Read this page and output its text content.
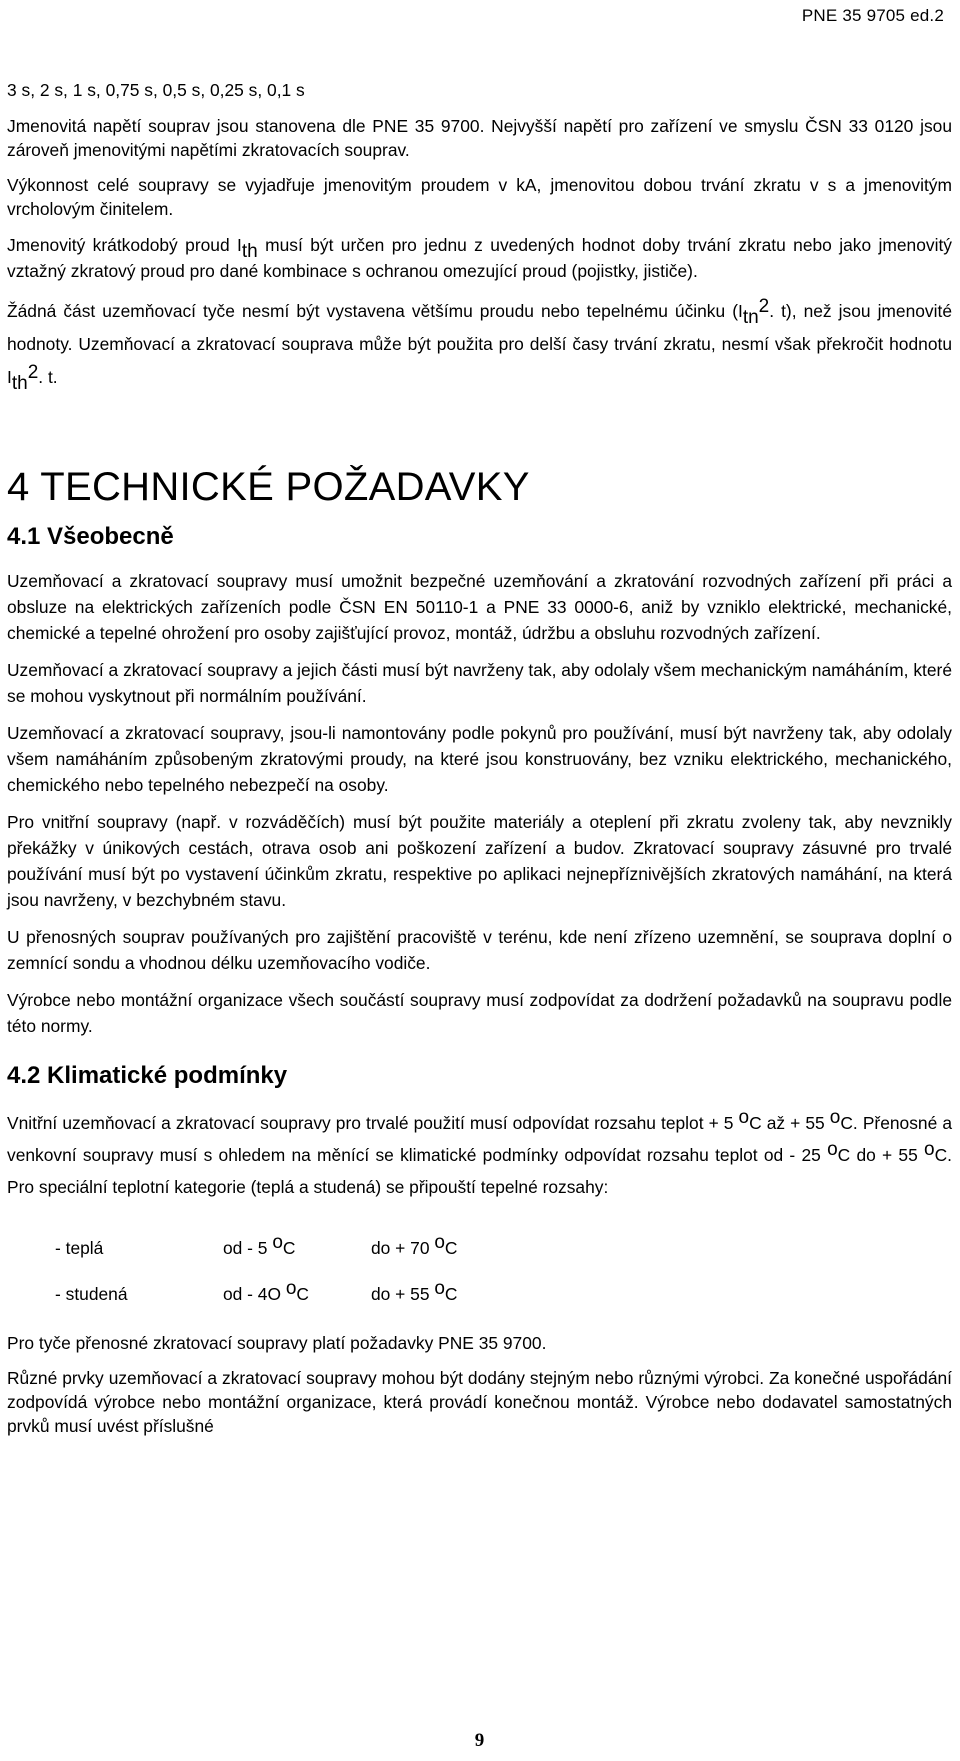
PNE 35 9705 ed.2

3 s, 2 s, 1 s, 0,75 s, 0,5 s, 0,25 s, 0,1 s

Jmenovitá napětí souprav jsou stanovena dle PNE 35 9700. Nejvyšší napětí pro zařízení ve smyslu ČSN 33 0120 jsou zároveň jmenovitými napětími zkratovacích souprav.

Výkonnost celé soupravy se vyjadřuje jmenovitým proudem v kA, jmenovitou dobou trvání zkratu v s a jmenovitým vrcholovým činitelem.

Jmenovitý krátkodobý proud $I_{th}$ musí být určen pro jednu z uvedených hodnot doby trvání zkratu nebo jako jmenovitý vztažný zkratový proud pro dané kombinace s ochranou omezující proud (pojistky, jističe).

Žádná část uzemňovací tyče nesmí být vystavena většímu proudu nebo tepelnému účinku ($I_{tn}^2$. t), než jsou jmenovité hodnoty. Uzemňovací a zkratovací souprava může být použita pro delší časy trvání zkratu, nesmí však překročit hodnotu $I_{th}^2$. t.

4 TECHNICKÉ POŽADAVKY
4.1 Všeobecně

Uzemňovací a zkratovací soupravy musí umožnit bezpečné uzemňování a zkratování rozvodných zařízení při práci a obsluze na elektrických zařízeních podle ČSN EN 50110-1 a PNE 33 0000-6, aniž by vzniklo elektrické, mechanické, chemické a tepelné ohrožení pro osoby zajišťující provoz, montáž, údržbu a obsluhu rozvodných zařízení.

Uzemňovací a zkratovací soupravy a jejich části musí být navrženy tak, aby odolaly všem mechanickým namáháním, které se mohou vyskytnout při normálním používání.

Uzemňovací a zkratovací soupravy, jsou-li namontovány podle pokynů pro používání, musí být navrženy tak, aby odolaly všem namáháním způsobeným zkratovými proudy, na které jsou konstruovány, bez vzniku elektrického, mechanického, chemického nebo tepelného nebezpečí na osoby.

Pro vnitřní soupravy (např. v rozváděčích) musí být použite materiály a oteplení při zkratu zvoleny tak, aby nevznikly překážky v únikových cestách, otrava osob ani poškození zařízení a budov. Zkratovací soupravy zásuvné pro trvalé používání musí být po vystavení účinkům zkratu, respektive po aplikaci nejnepříznivějších zkratových namáhání, na která jsou navrženy, v bezchybném stavu.

U přenosných souprav používaných pro zajištění pracoviště v terénu, kde není zřízeno uzemnění, se souprava doplní o zemnící sondu a vhodnou délku uzemňovacího vodiče.

Výrobce nebo montážní organizace všech součástí soupravy musí zodpovídat za dodržení požadavků na soupravu podle této normy.

4.2 Klimatické podmínky

Vnitřní uzemňovací a zkratovací soupravy pro trvalé použití musí odpovídat rozsahu teplot + 5 oC až + 55 oC. Přenosné a venkovní soupravy musí s ohledem na měnící se klimatické podmínky odpovídat rozsahu teplot od - 25 oC do + 55 oC. Pro speciální teplotní kategorie (teplá a studená) se připouští tepelné rozsahy:

- teplá	od - 5 oC	do + 70 oC
- studená	od - 4O oC	do + 55 oC

Pro tyče přenosné zkratovací soupravy platí požadavky PNE 35 9700.

Různé prvky uzemňovací a zkratovací soupravy mohou být dodány stejným nebo různými výrobci. Za konečné uspořádání zodpovídá výrobce nebo montážní organizace, která provádí konečnou montáž. Výrobce nebo dodavatel samostatných prvků musí uvést příslušné

9
